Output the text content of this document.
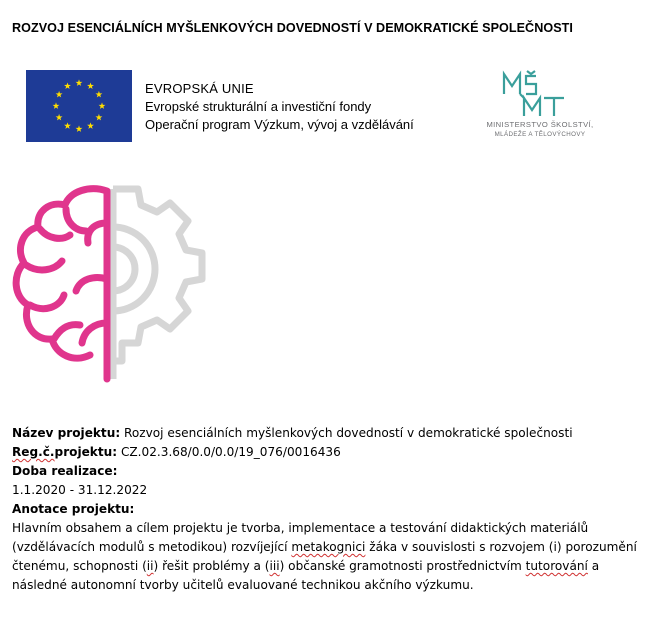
ROZVOJ ESENCIÁLNÍCH MYŠLENKOVÝCH DOVEDNOSTÍ V DEMOKRATICKÉ SPOLEČNOSTI
EVROPSKÁ UNIE
Evropské strukturální a investiční fondy
Operační program Výzkum, vývoj a vzdělávání	MINISTERSTVO ŠKOLSTVÍ,
MLÁDEŽE A TĚLOVÝCHOVY
Název projektu: Rozvoj esenciálních myšlenkových dovedností v demokratické společnosti
Reg.č.projektu: CZ.02.3.68/0.0/0.0/19_076/0016436
Doba realizace:
1.1.2020 - 31.12.2022
Anotace projektu:
Hlavním obsahem a cílem projektu je tvorba, implementace a testování didaktických materiálů (vzdělávacích modulů s metodikou) rozvíjející metakognici žáka v souvislosti s rozvojem (i) porozumění čtenému, schopnosti (ii) řešit problémy a (iii) občanské gramotnosti prostřednictvím tutorování a následné autonomní tvorby učitelů evaluované technikou akčního výzkumu.
